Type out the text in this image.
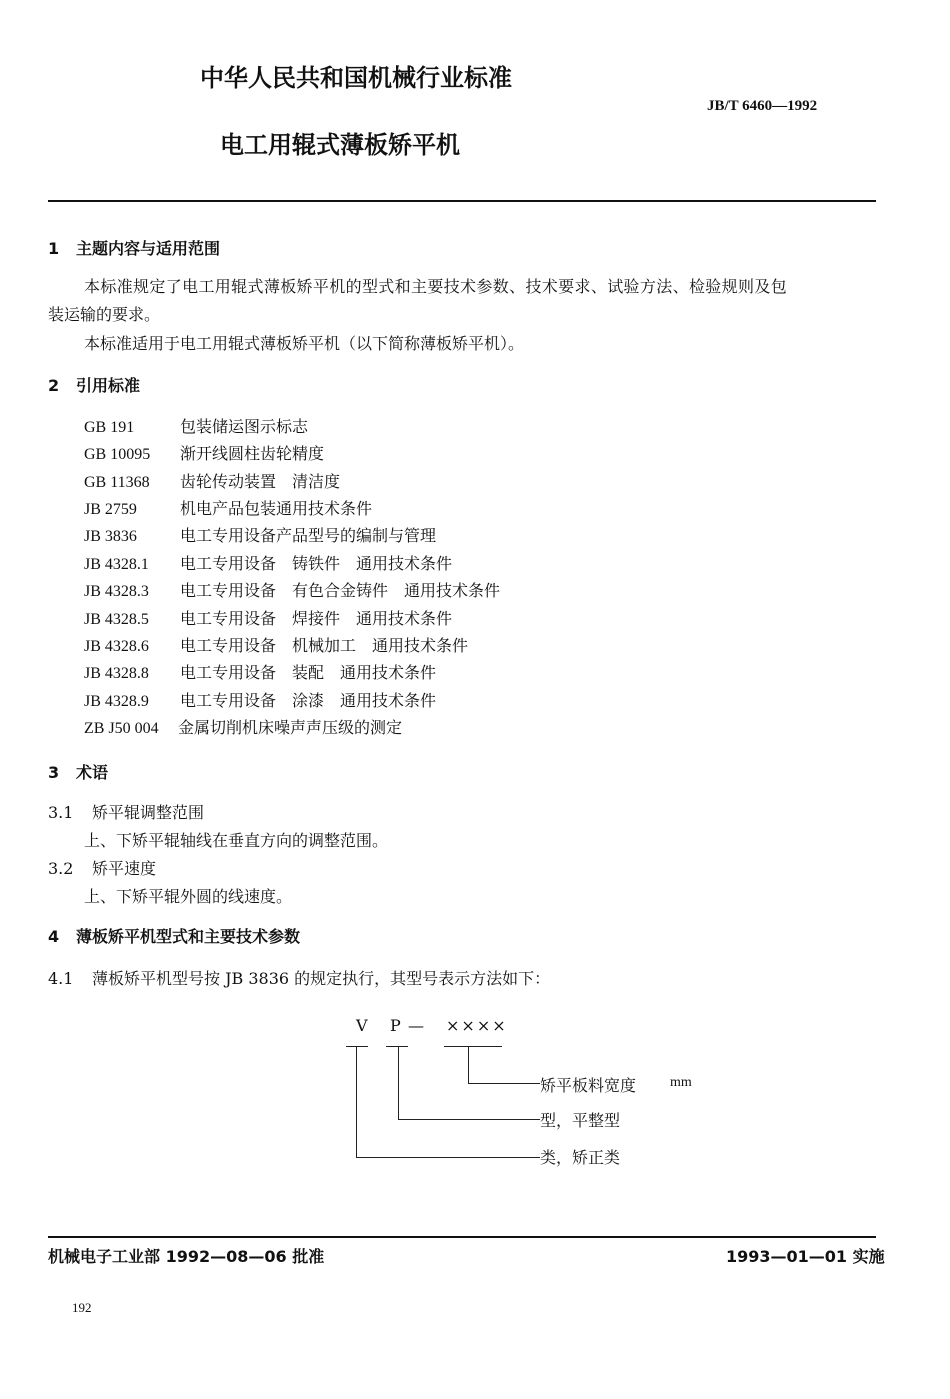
中华人民共和国机械行业标准
JB/T 6460—1992
电工用辊式薄板矫平机
1 主题内容与适用范围
本标准规定了电工用辊式薄板矫平机的型式和主要技术参数、技术要求、试验方法、检验规则及包
装运输的要求。
本标准适用于电工用辊式薄板矫平机（以下简称薄板矫平机）。
2 引用标准
GB 191	包装储运图示标志
GB 10095 渐开线圆柱齿轮精度
GB 11368 齿轮传动装置　清洁度
JB 2759	机电产品包装通用技术条件
JB 3836	电工专用设备产品型号的编制与管理
JB 4328.1 电工专用设备　铸铁件　通用技术条件
JB 4328.3 电工专用设备　有色合金铸件　通用技术条件
JB 4328.5 电工专用设备　焊接件　通用技术条件
JB 4328.6 电工专用设备　机械加工　通用技术条件
JB 4328.8 电工专用设备　装配　通用技术条件
JB 4328.9 电工专用设备　涂漆　通用技术条件
ZB J50 004 金属切削机床噪声声压级的测定
3 术语
3.1 矫平辊调整范围
上、下矫平辊轴线在垂直方向的调整范围。
3.2 矫平速度
上、下矫平辊外圆的线速度。
4 薄板矫平机型式和主要技术参数
4.1 薄板矫平机型号按 JB 3836 的规定执行，其型号表示方法如下：
V P — ××××
矫平板料宽度 mm
型，平整型
类，矫正类
机械电子工业部 1992—08—06 批准	1993—01—01 实施
192
